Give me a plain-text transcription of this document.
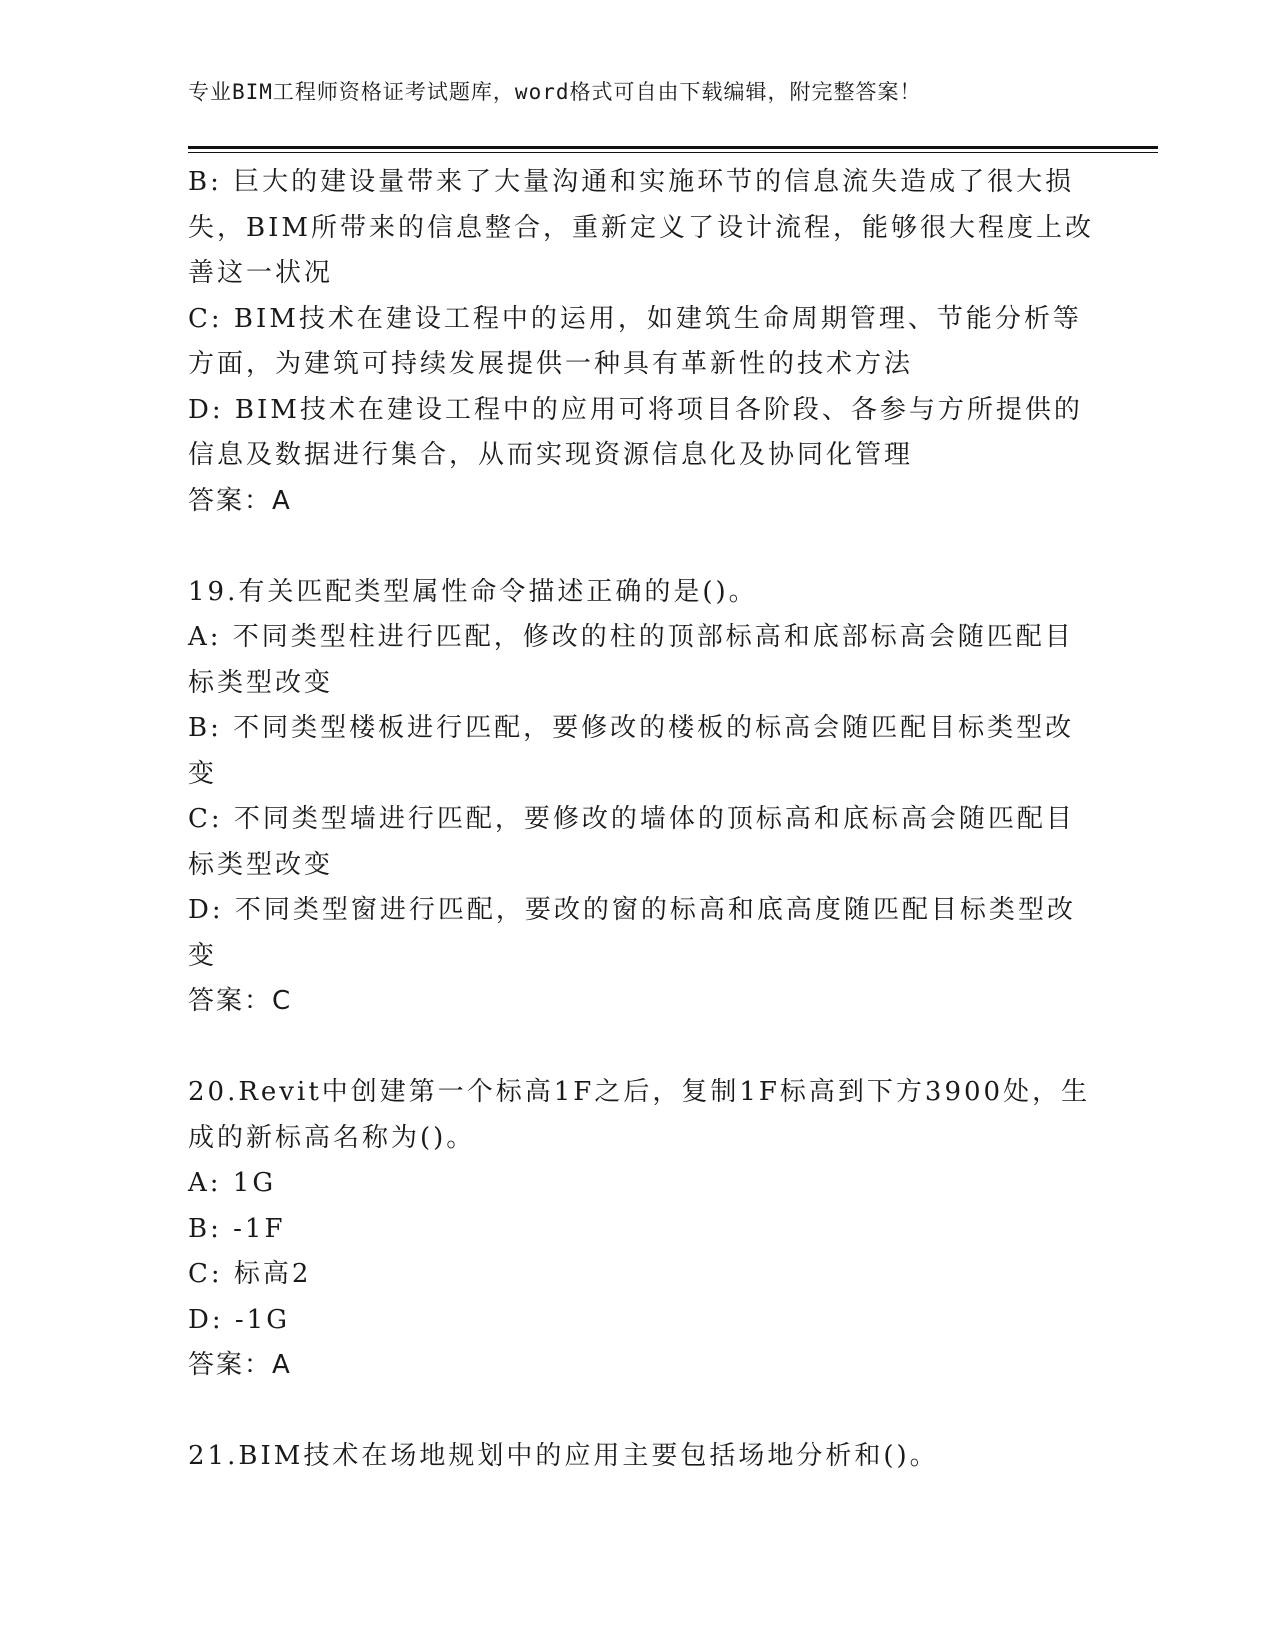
专业BIM工程师资格证考试题库，word格式可自由下载编辑，附完整答案！
B: 巨大的建设量带来了大量沟通和实施环节的信息流失造成了很大损
失，BIM所带来的信息整合，重新定义了设计流程，能够很大程度上改
善这一状况
C: BIM技术在建设工程中的运用，如建筑生命周期管理、节能分析等
方面，为建筑可持续发展提供一种具有革新性的技术方法
D: BIM技术在建设工程中的应用可将项目各阶段、各参与方所提供的
信息及数据进行集合，从而实现资源信息化及协同化管理
答案：A
19.有关匹配类型属性命令描述正确的是()。
A: 不同类型柱进行匹配，修改的柱的顶部标高和底部标高会随匹配目
标类型改变
B: 不同类型楼板进行匹配，要修改的楼板的标高会随匹配目标类型改
变
C: 不同类型墙进行匹配，要修改的墙体的顶标高和底标高会随匹配目
标类型改变
D: 不同类型窗进行匹配，要改的窗的标高和底高度随匹配目标类型改
变
答案：C
20.Revit中创建第一个标高1F之后，复制1F标高到下方3900处，生
成的新标高名称为()。
A: 1G
B: -1F
C: 标高2
D: -1G
答案：A
21.BIM技术在场地规划中的应用主要包括场地分析和()。
